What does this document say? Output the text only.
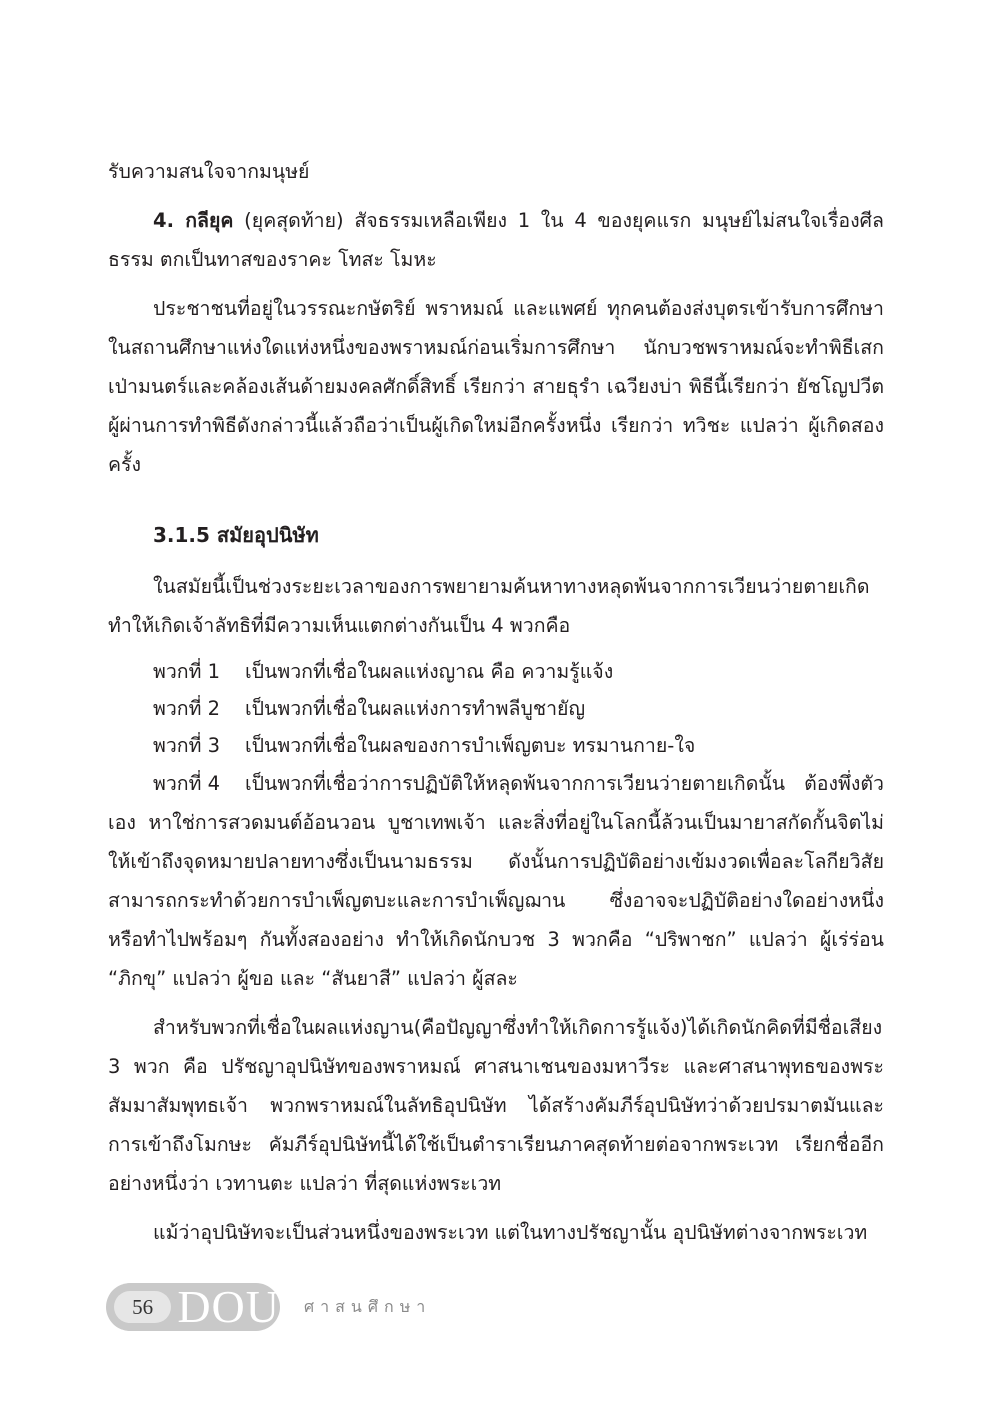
รับความสนใจจากมนุษย์

4. กลียุค (ยุคสุดท้าย) สัจธรรมเหลือเพียง 1 ใน 4 ของยุคแรก มนุษย์ไม่สนใจเรื่องศีลธรรม ตกเป็นทาสของราคะ โทสะ โมหะ

ประชาชนที่อยู่ในวรรณะกษัตริย์ พราหมณ์ และแพศย์ ทุกคนต้องส่งบุตรเข้ารับการศึกษาในสถานศึกษาแห่งใดแห่งหนึ่งของพราหมณ์ก่อนเริ่มการศึกษา นักบวชพราหมณ์จะทำพิธีเสกเป่ามนตร์และคล้องเส้นด้ายมงคลศักดิ์สิทธิ์ เรียกว่า สายธุรำ เฉวียงบ่า พิธีนี้เรียกว่า ยัชโญปวีต ผู้ผ่านการทำพิธีดังกล่าวนี้แล้วถือว่าเป็นผู้เกิดใหม่อีกครั้งหนึ่ง เรียกว่า ทวิชะ แปลว่า ผู้เกิดสองครั้ง

3.1.5 สมัยอุปนิษัท

ในสมัยนี้เป็นช่วงระยะเวลาของการพยายามค้นหาทางหลุดพ้นจากการเวียนว่ายตายเกิด ทำให้เกิดเจ้าลัทธิที่มีความเห็นแตกต่างกันเป็น 4 พวกคือ

พวกที่ 1 เป็นพวกที่เชื่อในผลแห่งญาณ คือ ความรู้แจ้ง
พวกที่ 2 เป็นพวกที่เชื่อในผลแห่งการทำพลีบูชายัญ
พวกที่ 3 เป็นพวกที่เชื่อในผลของการบำเพ็ญตบะ ทรมานกาย-ใจ

พวกที่ 4 เป็นพวกที่เชื่อว่าการปฏิบัติให้หลุดพ้นจากการเวียนว่ายตายเกิดนั้น ต้องพึ่งตัวเอง หาใช่การสวดมนต์อ้อนวอน บูชาเทพเจ้า และสิ่งที่อยู่ในโลกนี้ล้วนเป็นมายาสกัดกั้นจิตไม่ให้เข้าถึงจุดหมายปลายทางซึ่งเป็นนามธรรม ดังนั้นการปฏิบัติอย่างเข้มงวดเพื่อละโลกียวิสัยสามารถกระทำด้วยการบำเพ็ญตบะและการบำเพ็ญฌาน ซึ่งอาจจะปฏิบัติอย่างใดอย่างหนึ่ง หรือทำไปพร้อมๆ กันทั้งสองอย่าง ทำให้เกิดนักบวช 3 พวกคือ “ปริพาชก” แปลว่า ผู้เร่ร่อน “ภิกขุ” แปลว่า ผู้ขอ และ “สันยาสี” แปลว่า ผู้สละ

สำหรับพวกที่เชื่อในผลแห่งญาน(คือปัญญาซึ่งทำให้เกิดการรู้แจ้ง)ได้เกิดนักคิดที่มีชื่อเสียง 3 พวก คือ ปรัชญาอุปนิษัทของพราหมณ์ ศาสนาเชนของมหาวีระ และศาสนาพุทธของพระสัมมาสัมพุทธเจ้า พวกพราหมณ์ในลัทธิอุปนิษัท ได้สร้างคัมภีร์อุปนิษัทว่าด้วยปรมาตมันและการเข้าถึงโมกษะ คัมภีร์อุปนิษัทนี้ได้ใช้เป็นตำราเรียนภาคสุดท้ายต่อจากพระเวท เรียกชื่ออีกอย่างหนึ่งว่า เวทานตะ แปลว่า ที่สุดแห่งพระเวท

แม้ว่าอุปนิษัทจะเป็นส่วนหนึ่งของพระเวท แต่ในทางปรัชญานั้น อุปนิษัทต่างจากพระเวท

56 DOU ศาสนศึกษา
